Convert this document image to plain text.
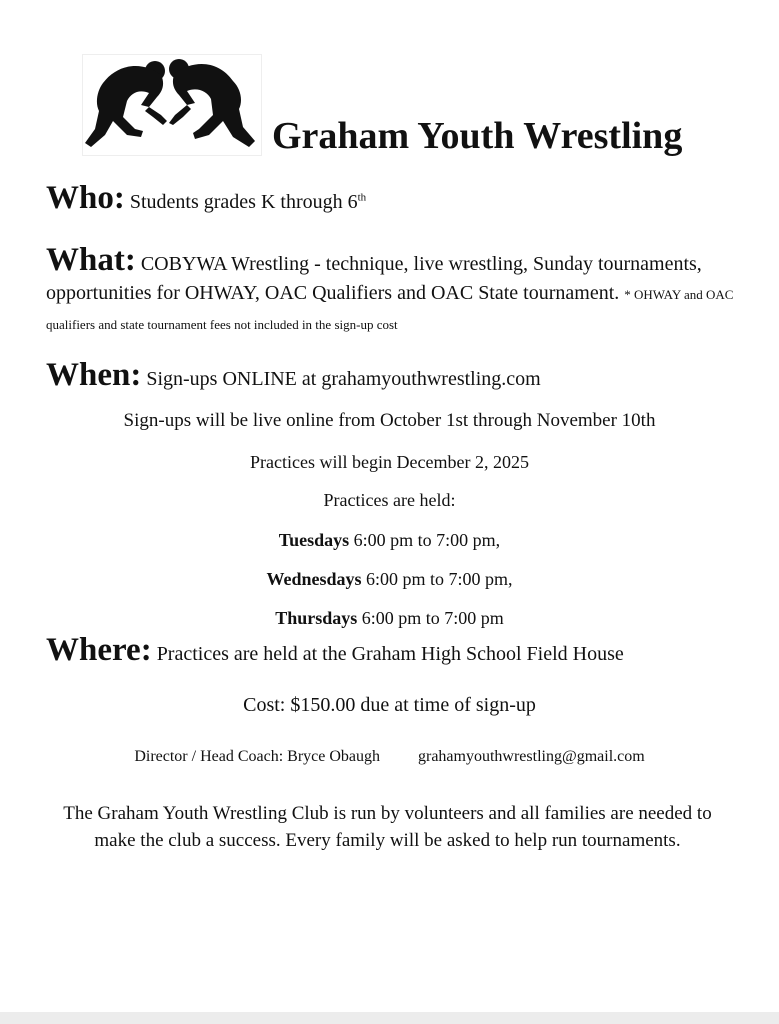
Graham Youth Wrestling
Who: Students grades K through 6th
What: COBYWA Wrestling - technique, live wrestling, Sunday tournaments, opportunities for OHWAY, OAC Qualifiers and OAC State tournament. * OHWAY and OAC qualifiers and state tournament fees not included in the sign-up cost
When: Sign-ups ONLINE at grahamyouthwrestling.com
Sign-ups will be live online from October 1st through November 10th
Practices will begin December 2, 2025
Practices are held:
Tuesdays 6:00 pm to 7:00 pm,
Wednesdays 6:00 pm to 7:00 pm,
Thursdays 6:00 pm to 7:00 pm
Where: Practices are held at the Graham High School Field House
Cost: $150.00 due at time of sign-up
Director / Head Coach: Bryce Obaugh grahamyouthwrestling@gmail.com
The Graham Youth Wrestling Club is run by volunteers and all families are needed to make the club a success. Every family will be asked to help run tournaments.
